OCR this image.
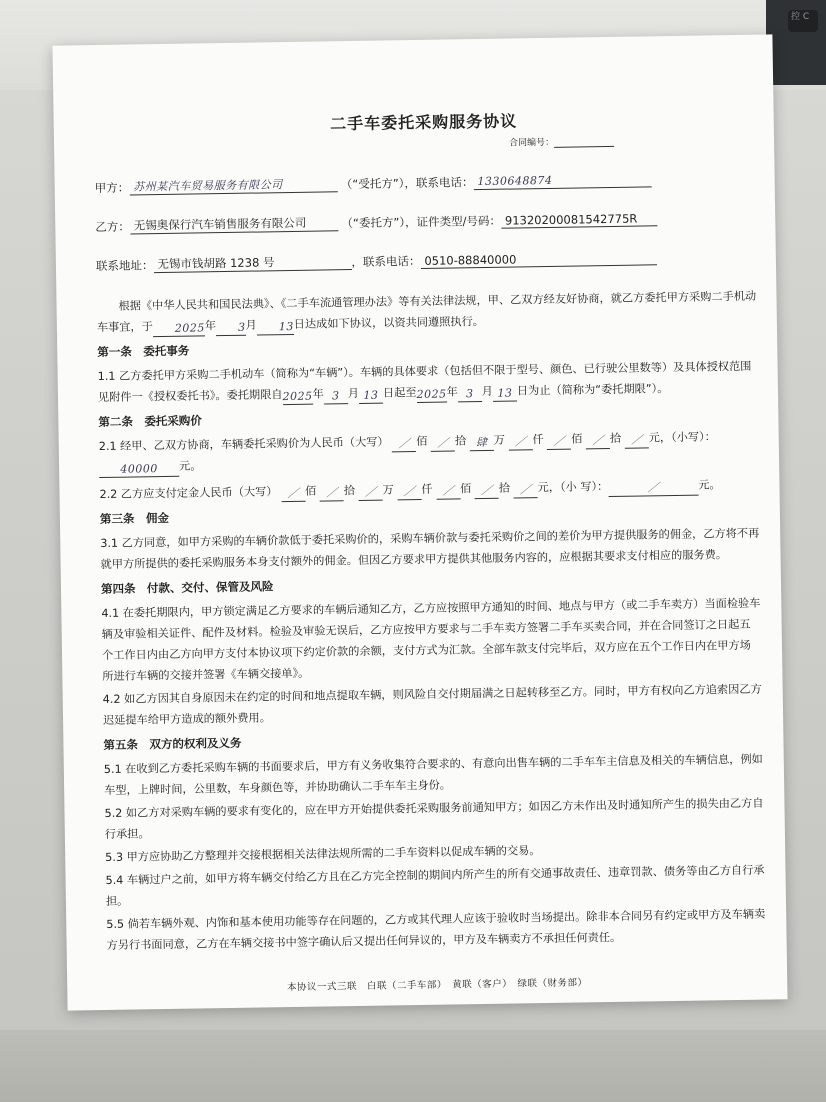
控 C
二手车委托采购服务协议
合同编号：
甲方： 苏州某汽车贸易服务有限公司	（“受托方”），联系电话： 1330648874
乙方： 无锡奥保行汽车销售服务有限公司	（“委托方”），证件类型/号码： 91320200081542775R
联系地址： 无锡市钱胡路 1238 号	，联系电话： 0510-88840000
根据《中华人民共和国民法典》、《二手车流通管理办法》等有关法律法规，甲、乙双方经友好协商，就乙方委托甲方采购二手机动车事宜，于 2025年 3月 13日达成如下协议，以资共同遵照执行。
第一条　委托事务
1.1 乙方委托甲方采购二手机动车（简称为“车辆”）。车辆的具体要求（包括但不限于型号、颜色、已行驶公里数等）及具体授权范围见附件一《授权委托书》。委托期限自2025年 3 月 13 日起至2025年 3 月 13 日为止（简称为“委托期限”）。
第二条　委托采购价
2.1 经甲、乙双方协商，车辆委托采购价为人民币（大写） ／ 佰 ／ 拾 肆 万 ／ 仟 ／ 佰 ／ 拾 ／ 元，（小写）：40000 元。
2.2 乙方应支付定金人民币（大写） ／ 佰 ／ 拾 ／ 万 ／ 仟 ／ 佰 ／ 拾 ／ 元，（小 写）：	／	元。
第三条　佣金
3.1 乙方同意，如甲方采购的车辆价款低于委托采购价的，采购车辆价款与委托采购价之间的差价为甲方提供服务的佣金，乙方将不再就甲方所提供的委托采购服务本身支付额外的佣金。但因乙方要求甲方提供其他服务内容的，应根据其要求支付相应的服务费。
第四条　付款、交付、保管及风险
4.1 在委托期限内，甲方锁定满足乙方要求的车辆后通知乙方，乙方应按照甲方通知的时间、地点与甲方（或二手车卖方）当面检验车辆及审验相关证件、配件及材料。检验及审验无误后，乙方应按甲方要求与二手车卖方签署二手车买卖合同，并在合同签订之日起五个工作日内由乙方向甲方支付本协议项下约定价款的余额，支付方式为汇款。全部车款支付完毕后，双方应在五个工作日内在甲方场所进行车辆的交接并签署《车辆交接单》。
4.2 如乙方因其自身原因未在约定的时间和地点提取车辆，则风险自交付期届满之日起转移至乙方。同时，甲方有权向乙方追索因乙方迟延提车给甲方造成的额外费用。
第五条　双方的权利及义务
5.1 在收到乙方委托采购车辆的书面要求后，甲方有义务收集符合要求的、有意向出售车辆的二手车车主信息及相关的车辆信息，例如车型，上牌时间，公里数，车身颜色等，并协助确认二手车车主身份。
5.2 如乙方对采购车辆的要求有变化的，应在甲方开始提供委托采购服务前通知甲方；如因乙方未作出及时通知所产生的损失由乙方自行承担。
5.3 甲方应协助乙方整理并交接根据相关法律法规所需的二手车资料以促成车辆的交易。
5.4 车辆过户之前，如甲方将车辆交付给乙方且在乙方完全控制的期间内所产生的所有交通事故责任、违章罚款、债务等由乙方自行承担。
5.5 倘若车辆外观、内饰和基本使用功能等存在问题的，乙方或其代理人应该于验收时当场提出。除非本合同另有约定或甲方及车辆卖方另行书面同意，乙方在车辆交接书中签字确认后又提出任何异议的，甲方及车辆卖方不承担任何责任。
本协议一式三联　白联（二手车部）　黄联（客户）　绿联（财务部）
